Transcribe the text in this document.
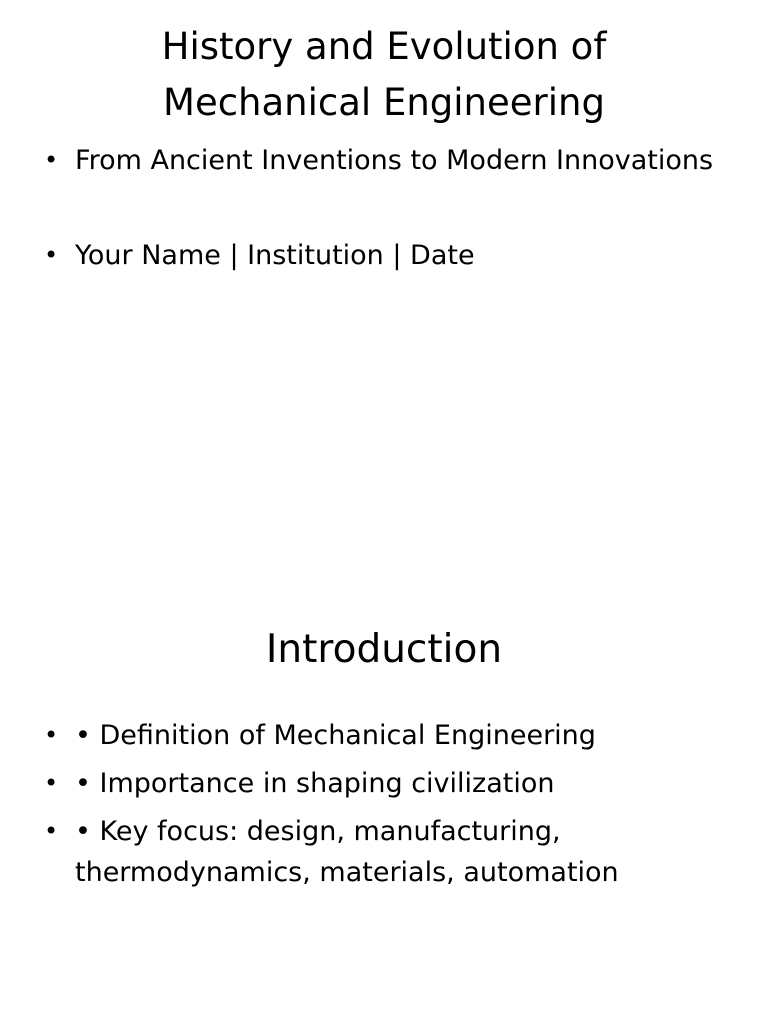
History and Evolution of
Mechanical Engineering
• From Ancient Inventions to Modern Innovations
• Your Name | Institution | Date
Introduction
• • Definition of Mechanical Engineering
• • Importance in shaping civilization
• • Key focus: design, manufacturing, thermodynamics, materials, automation
